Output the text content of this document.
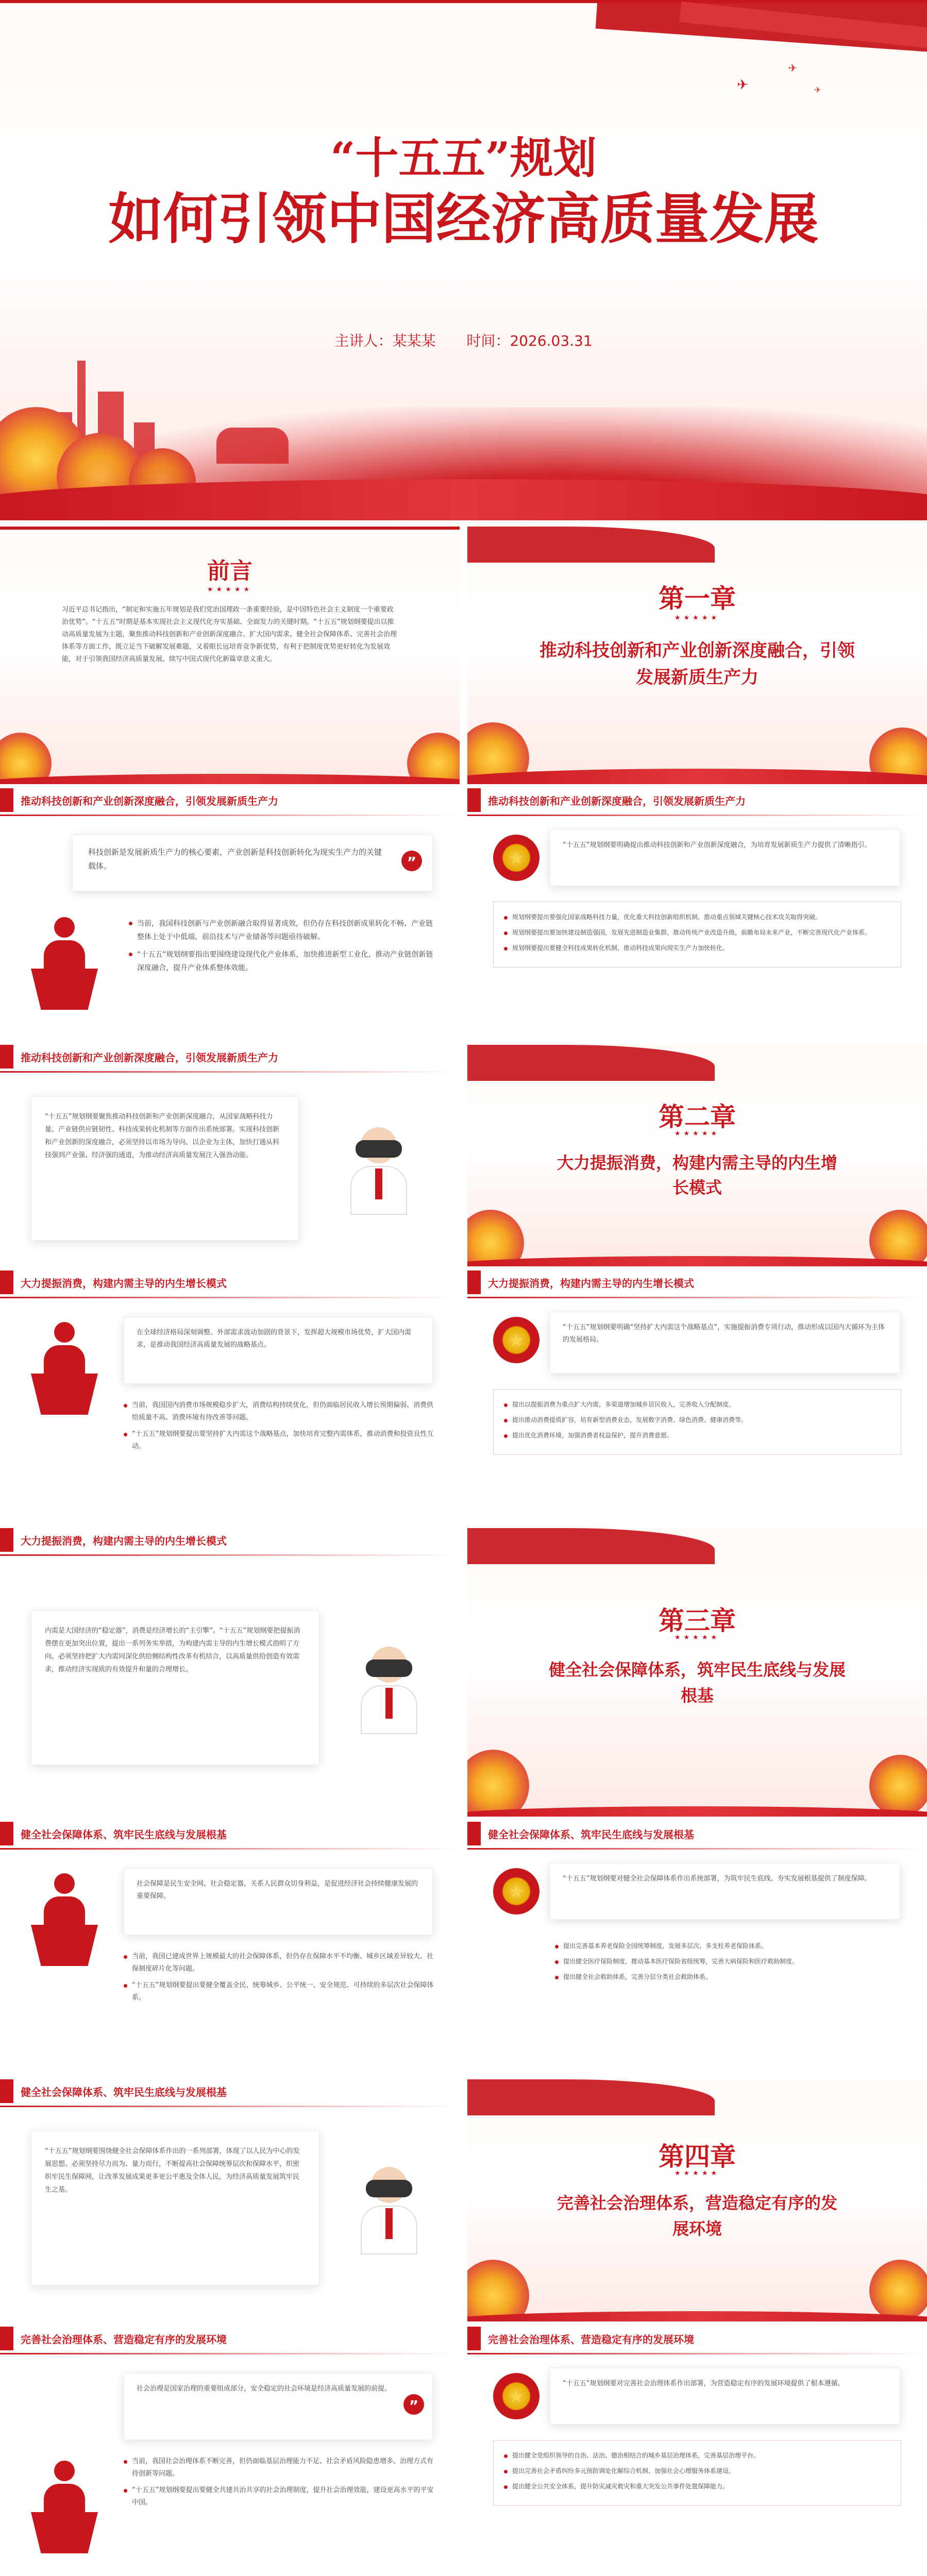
✈
✈
✈
“十五五”规划
如何引领中国经济高质量发展
主讲人：某某某 时间：2026.03.31
前言
★★★★★
习近平总书记指出，“制定和实施五年规划是我们党治国理政一条重要经验，是中国特色社会主义制度一个重要政治优势”。“十五五”时期是基本实现社会主义现代化夯实基础、全面发力的关键时期。“十五五”规划纲要提出以推动高质量发展为主题，聚焦推动科技创新和产业创新深度融合、扩大国内需求、健全社会保障体系、完善社会治理体系等方面工作，既立足当下破解发展难题，又着眼长远培育竞争新优势，有利于把制度优势更好转化为发展效能，对于引领我国经济高质量发展、续写中国式现代化新篇章意义重大。
第一章
★★★★★
推动科技创新和产业创新深度融合，引领发展新质生产力
推动科技创新和产业创新深度融合，引领发展新质生产力
科技创新是发展新质生产力的核心要素，产业创新是科技创新转化为现实生产力的关键载体。	”
当前，我国科技创新与产业创新融合取得显著成效，但仍存在科技创新成果转化不畅、产业链整体上处于中低端、前沿技术与产业储备等问题亟待破解。
“十五五”规划纲要指出要围绕建设现代化产业体系，加快推进新型工业化，推动产业链创新链深度融合，提升产业体系整体效能。
推动科技创新和产业创新深度融合，引领发展新质生产力
★
“十五五”规划纲要明确提出推动科技创新和产业创新深度融合，为培育发展新质生产力提供了清晰指引。
规划纲要提出要强化国家战略科技力量，优化重大科技创新组织机制，推动重点领域关键核心技术攻关取得突破。
规划纲要提出要加快建设制造强国，发展先进制造业集群，推动传统产业改造升级，前瞻布局未来产业，不断完善现代化产业体系。
规划纲要提出要健全科技成果转化机制，推动科技成果向现实生产力加快转化。
推动科技创新和产业创新深度融合，引领发展新质生产力
“十五五”规划纲要聚焦推动科技创新和产业创新深度融合，从国家战略科技力量、产业链供应链韧性、科技成果转化机制等方面作出系统部署。实现科技创新和产业创新的深度融合，必须坚持以市场为导向、以企业为主体，加快打通从科技强到产业强、经济强的通道，为推动经济高质量发展注入强劲动能。
第二章
★★★★★
大力提振消费，构建内需主导的内生增长模式
大力提振消费，构建内需主导的内生增长模式
在全球经济格局深刻调整、外部需求波动加剧的背景下，发挥超大规模市场优势，扩大国内需求，是推动我国经济高质量发展的战略基点。
当前，我国国内消费市场规模稳步扩大，消费结构持续优化，但仍面临居民收入增长预期偏弱、消费供给质量不高、消费环境有待改善等问题。
“十五五”规划纲要提出要坚持扩大内需这个战略基点，加快培育完整内需体系，推动消费和投资良性互动。
大力提振消费，构建内需主导的内生增长模式
★
“十五五”规划纲要明确“坚持扩大内需这个战略基点”，实施提振消费专项行动，推动形成以国内大循环为主体的发展格局。
提出以提振消费为重点扩大内需，多渠道增加城乡居民收入，完善收入分配制度。
提出推动消费提质扩容，培育新型消费业态，发展数字消费、绿色消费、健康消费等。
提出优化消费环境，加强消费者权益保护，提升消费意愿。
大力提振消费，构建内需主导的内生增长模式
内需是大国经济的“稳定器”，消费是经济增长的“主引擎”。“十五五”规划纲要把提振消费摆在更加突出位置，提出一系列务实举措，为构建内需主导的内生增长模式指明了方向。必须坚持把扩大内需同深化供给侧结构性改革有机结合，以高质量供给创造有效需求，推动经济实现质的有效提升和量的合理增长。
第三章
★★★★★
健全社会保障体系，筑牢民生底线与发展根基
健全社会保障体系、筑牢民生底线与发展根基
社会保障是民生安全网、社会稳定器，关系人民群众切身利益，是促进经济社会持续健康发展的重要保障。
当前，我国已建成世界上规模最大的社会保障体系，但仍存在保障水平不均衡、城乡区域差异较大、社保制度碎片化等问题。
“十五五”规划纲要提出要健全覆盖全民、统筹城乡、公平统一、安全规范、可持续的多层次社会保障体系。
健全社会保障体系、筑牢民生底线与发展根基
★
“十五五”规划纲要对健全社会保障体系作出系统部署，为筑牢民生底线、夯实发展根基提供了制度保障。
提出完善基本养老保险全国统筹制度，发展多层次、多支柱养老保险体系。
提出健全医疗保险制度，推动基本医疗保险省级统筹，完善大病保险和医疗救助制度。
提出健全社会救助体系，完善分层分类社会救助体系。
健全社会保障体系、筑牢民生底线与发展根基
“十五五”规划纲要围绕健全社会保障体系作出的一系列部署，体现了以人民为中心的发展思想。必须坚持尽力而为、量力而行，不断提高社会保障统筹层次和保障水平，织密织牢民生保障网，让改革发展成果更多更公平惠及全体人民，为经济高质量发展筑牢民生之基。
第四章
★★★★★
完善社会治理体系，营造稳定有序的发展环境
完善社会治理体系、营造稳定有序的发展环境
社会治理是国家治理的重要组成部分，安全稳定的社会环境是经济高质量发展的前提。
”
当前，我国社会治理体系不断完善，但仍面临基层治理能力不足、社会矛盾风险隐患增多、治理方式有待创新等问题。
“十五五”规划纲要提出要健全共建共治共享的社会治理制度，提升社会治理效能，建设更高水平的平安中国。
完善社会治理体系、营造稳定有序的发展环境
★
“十五五”规划纲要对完善社会治理体系作出部署，为营造稳定有序的发展环境提供了根本遵循。
提出健全党组织领导的自治、法治、德治相结合的城乡基层治理体系，完善基层治理平台。
提出完善社会矛盾纠纷多元预防调处化解综合机制，加强社会心理服务体系建设。
提出健全公共安全体系，提升防灾减灾救灾和重大突发公共事件处置保障能力。
